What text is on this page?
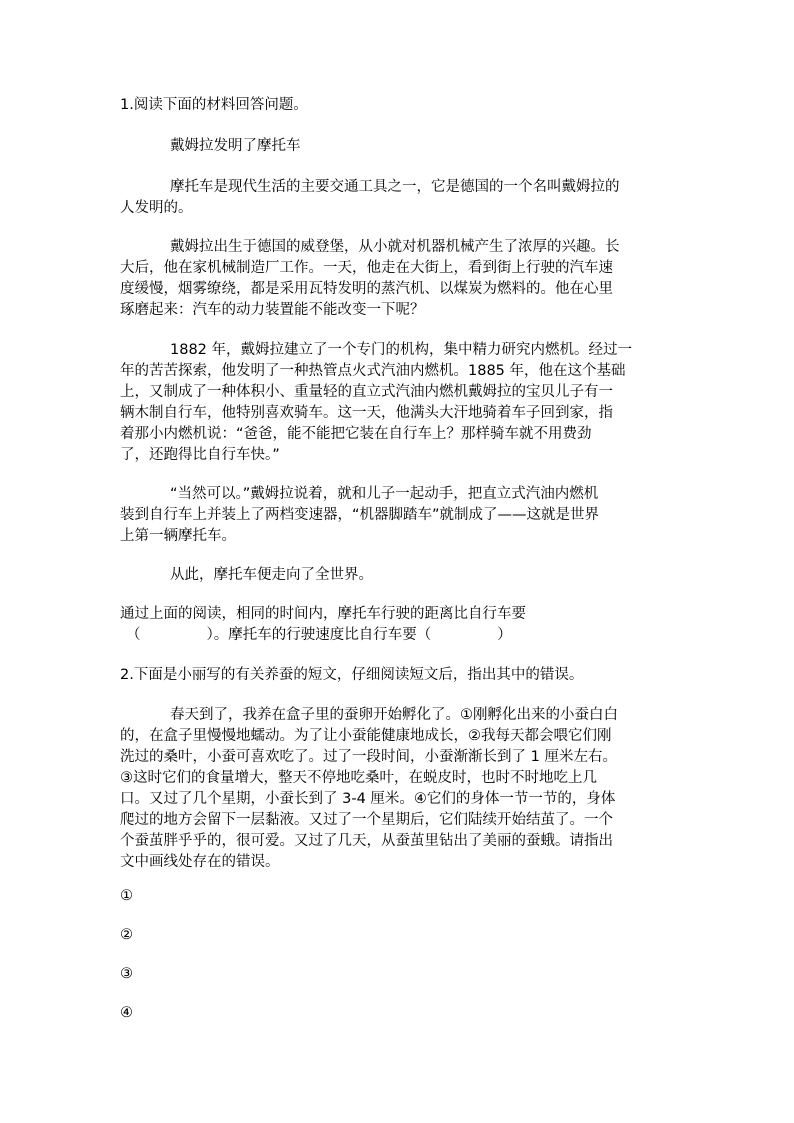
1.阅读下面的材料回答问题。

戴姆拉发明了摩托车

摩托车是现代生活的主要交通工具之一，它是德国的一个名叫戴姆拉的

人发明的。

戴姆拉出生于德国的威登堡，从小就对机器机械产生了浓厚的兴趣。长

大后，他在家机械制造厂工作。一天，他走在大街上，看到街上行驶的汽车速

度缓慢，烟雾缭绕，都是采用瓦特发明的蒸汽机、以煤炭为燃料的。他在心里

琢磨起来：汽车的动力装置能不能改变一下呢？

1882 年，戴姆拉建立了一个专门的机构，集中精力研究内燃机。经过一

年的苦苦探索，他发明了一种热管点火式汽油内燃机。1885 年，他在这个基础

上，又制成了一种体积小、重量轻的直立式汽油内燃机戴姆拉的宝贝儿子有一

辆木制自行车，他特别喜欢骑车。这一天，他满头大汗地骑着车子回到家，指

着那小内燃机说：“爸爸，能不能把它装在自行车上？那样骑车就不用费劲

了，还跑得比自行车快。”

“当然可以。”戴姆拉说着，就和儿子一起动手，把直立式汽油内燃机

装到自行车上并装上了两档变速器，“机器脚踏车”就制成了——这就是世界

上第一辆摩托车。

从此，摩托车便走向了全世界。

通过上面的阅读，相同的时间内，摩托车行驶的距离比自行车要

（	）。摩托车的行驶速度比自行车要（	）

2.下面是小丽写的有关养蚕的短文，仔细阅读短文后，指出其中的错误。

春天到了，我养在盒子里的蚕卵开始孵化了。①刚孵化出来的小蚕白白

的，在盒子里慢慢地蠕动。为了让小蚕能健康地成长，②我每天都会喂它们刚

洗过的桑叶，小蚕可喜欢吃了。过了一段时间，小蚕渐渐长到了 1 厘米左右。

③这时它们的食量增大，整天不停地吃桑叶，在蜕皮时，也时不时地吃上几

口。又过了几个星期，小蚕长到了 3-4 厘米。④它们的身体一节一节的，身体

爬过的地方会留下一层黏液。又过了一个星期后，它们陆续开始结茧了。一个

个蚕茧胖乎乎的，很可爱。又过了几天，从蚕茧里钻出了美丽的蚕蛾。请指出

文中画线处存在的错误。

①

②

③

④
